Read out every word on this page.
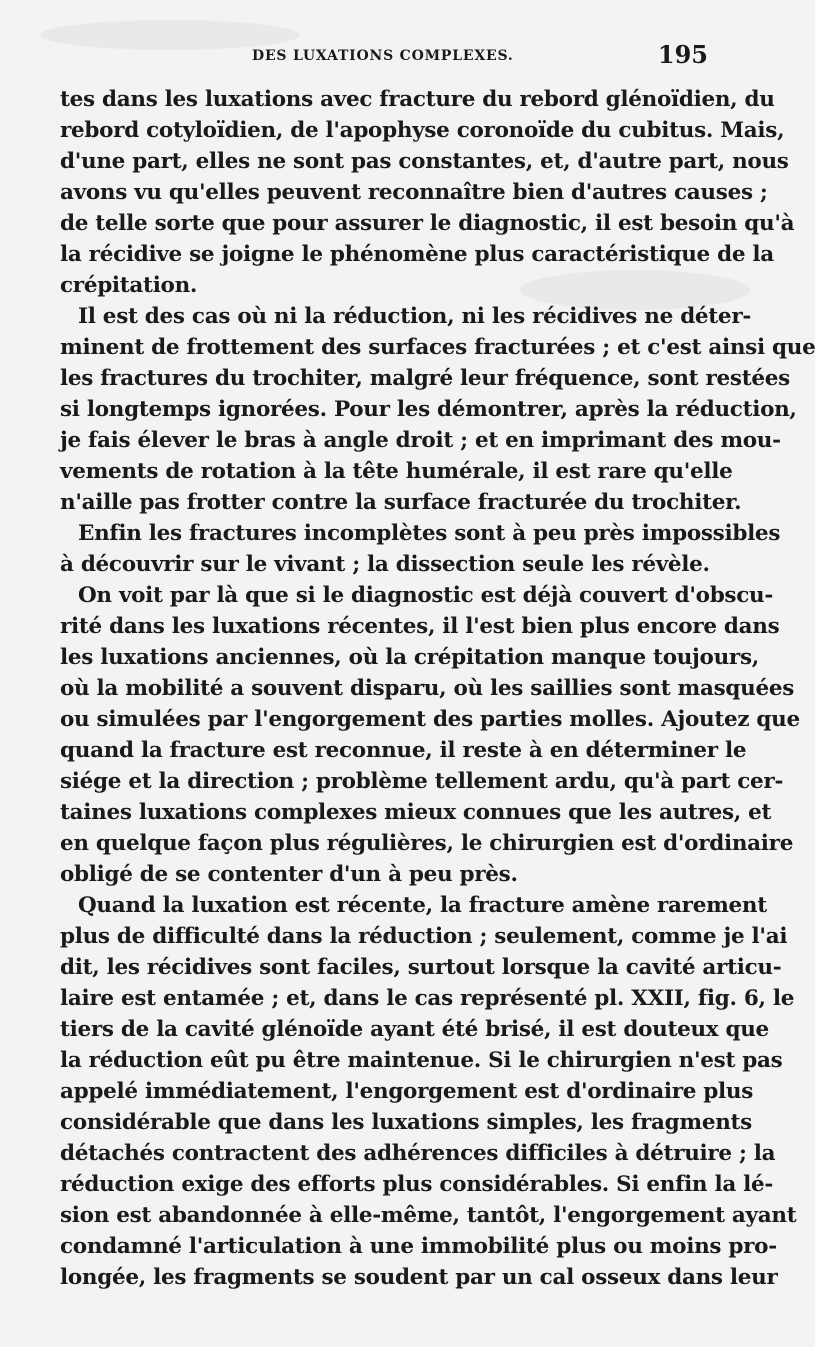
DES LUXATIONS COMPLEXES.	195
tes dans les luxations avec fracture du rebord glénoïdien, du
rebord cotyloïdien, de l'apophyse coronoïde du cubitus. Mais,
d'une part, elles ne sont pas constantes, et, d'autre part, nous
avons vu qu'elles peuvent reconnaître bien d'autres causes ;
de telle sorte que pour assurer le diagnostic, il est besoin qu'à
la récidive se joigne le phénomène plus caractéristique de la
crépitation.
Il est des cas où ni la réduction, ni les récidives ne déter-
minent de frottement des surfaces fracturées ; et c'est ainsi que
les fractures du trochiter, malgré leur fréquence, sont restées
si longtemps ignorées. Pour les démontrer, après la réduction,
je fais élever le bras à angle droit ; et en imprimant des mou-
vements de rotation à la tête humérale, il est rare qu'elle
n'aille pas frotter contre la surface fracturée du trochiter.
Enfin les fractures incomplètes sont à peu près impossibles
à découvrir sur le vivant ; la dissection seule les révèle.
On voit par là que si le diagnostic est déjà couvert d'obscu-
rité dans les luxations récentes, il l'est bien plus encore dans
les luxations anciennes, où la crépitation manque toujours,
où la mobilité a souvent disparu, où les saillies sont masquées
ou simulées par l'engorgement des parties molles. Ajoutez que
quand la fracture est reconnue, il reste à en déterminer le
siége et la direction ; problème tellement ardu, qu'à part cer-
taines luxations complexes mieux connues que les autres, et
en quelque façon plus régulières, le chirurgien est d'ordinaire
obligé de se contenter d'un à peu près.
Quand la luxation est récente, la fracture amène rarement
plus de difficulté dans la réduction ; seulement, comme je l'ai
dit, les récidives sont faciles, surtout lorsque la cavité articu-
laire est entamée ; et, dans le cas représenté pl. XXII, fig. 6, le
tiers de la cavité glénoïde ayant été brisé, il est douteux que
la réduction eût pu être maintenue. Si le chirurgien n'est pas
appelé immédiatement, l'engorgement est d'ordinaire plus
considérable que dans les luxations simples, les fragments
détachés contractent des adhérences difficiles à détruire ; la
réduction exige des efforts plus considérables. Si enfin la lé-
sion est abandonnée à elle-même, tantôt, l'engorgement ayant
condamné l'articulation à une immobilité plus ou moins pro-
longée, les fragments se soudent par un cal osseux dans leur
